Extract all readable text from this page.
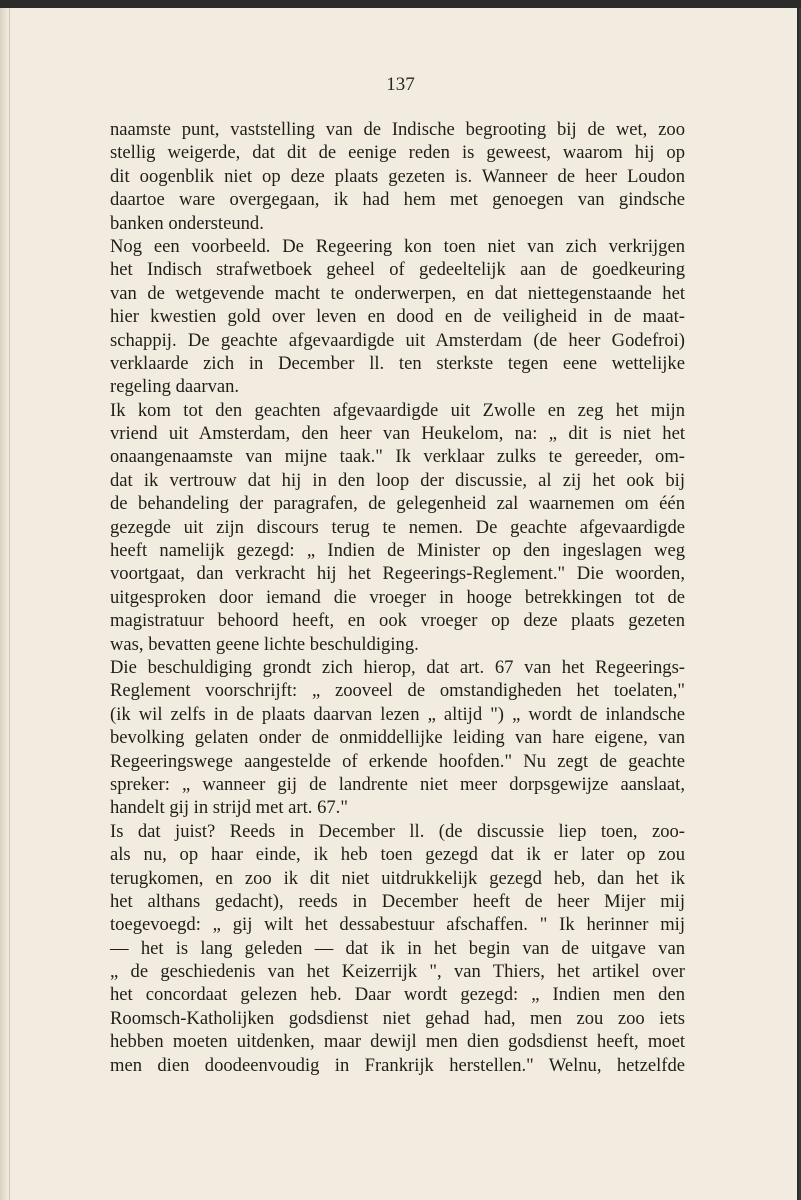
137
naamste punt, vaststelling van de Indische begrooting bij de wet, zoo
stellig weigerde, dat dit de eenige reden is geweest, waarom hij op
dit oogenblik niet op deze plaats gezeten is. Wanneer de heer Loudon
daartoe ware overgegaan, ik had hem met genoegen van gindsche
banken ondersteund.
Nog een voorbeeld. De Regeering kon toen niet van zich verkrijgen
het Indisch strafwetboek geheel of gedeeltelijk aan de goedkeuring
van de wetgevende macht te onderwerpen, en dat niettegenstaande het
hier kwestien gold over leven en dood en de veiligheid in de maat-
schappij. De geachte afgevaardigde uit Amsterdam (de heer Godefroi)
verklaarde zich in December ll. ten sterkste tegen eene wettelijke
regeling daarvan.
Ik kom tot den geachten afgevaardigde uit Zwolle en zeg het mijn
vriend uit Amsterdam, den heer van Heukelom, na: „ dit is niet het
onaangenaamste van mijne taak." Ik verklaar zulks te gereeder, om-
dat ik vertrouw dat hij in den loop der discussie, al zij het ook bij
de behandeling der paragrafen, de gelegenheid zal waarnemen om één
gezegde uit zijn discours terug te nemen. De geachte afgevaardigde
heeft namelijk gezegd: „ Indien de Minister op den ingeslagen weg
voortgaat, dan verkracht hij het Regeerings-Reglement." Die woorden,
uitgesproken door iemand die vroeger in hooge betrekkingen tot de
magistratuur behoord heeft, en ook vroeger op deze plaats gezeten
was, bevatten geene lichte beschuldiging.
Die beschuldiging grondt zich hierop, dat art. 67 van het Regeerings-
Reglement voorschrijft: „ zooveel de omstandigheden het toelaten,"
(ik wil zelfs in de plaats daarvan lezen „ altijd ") „ wordt de inlandsche
bevolking gelaten onder de onmiddellijke leiding van hare eigene, van
Regeeringswege aangestelde of erkende hoofden." Nu zegt de geachte
spreker: „ wanneer gij de landrente niet meer dorpsgewijze aanslaat,
handelt gij in strijd met art. 67."
Is dat juist? Reeds in December ll. (de discussie liep toen, zoo-
als nu, op haar einde, ik heb toen gezegd dat ik er later op zou
terugkomen, en zoo ik dit niet uitdrukkelijk gezegd heb, dan het ik
het althans gedacht), reeds in December heeft de heer Mijer mij
toegevoegd: „ gij wilt het dessabestuur afschaffen. " Ik herinner mij
— het is lang geleden — dat ik in het begin van de uitgave van
„ de geschiedenis van het Keizerrijk ", van Thiers, het artikel over
het concordaat gelezen heb. Daar wordt gezegd: „ Indien men den
Roomsch-Katholijken godsdienst niet gehad had, men zou zoo iets
hebben moeten uitdenken, maar dewijl men dien godsdienst heeft, moet
men dien doodeenvoudig in Frankrijk herstellen." Welnu, hetzelfde
